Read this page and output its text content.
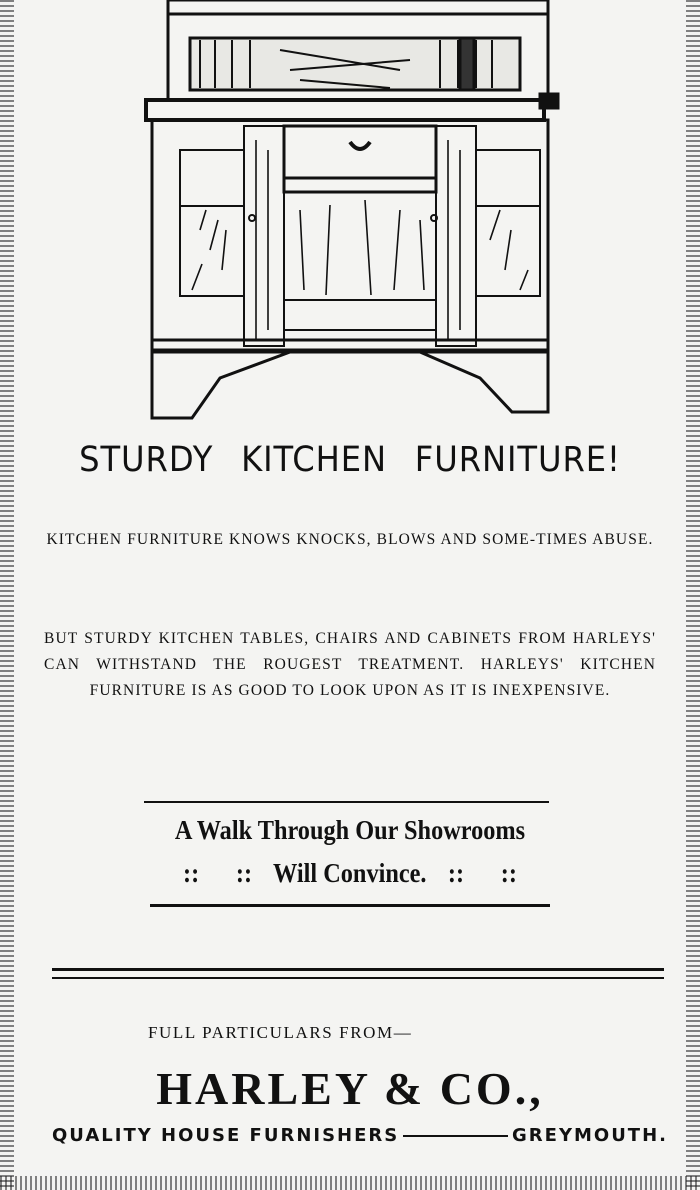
STURDY KITCHEN FURNITURE!
KITCHEN FURNITURE KNOWS KNOCKS, BLOWS AND SOME-TIMES ABUSE.
BUT STURDY KITCHEN TABLES, CHAIRS AND CABINETS FROM HARLEYS' CAN WITHSTAND THE ROUGEST TREATMENT. HARLEYS' KITCHEN FURNITURE IS AS GOOD TO LOOK UPON AS IT IS INEXPENSIVE.
A Walk Through Our Showrooms
:: :: Will Convince. :: ::
FULL PARTICULARS FROM—
HARLEY & CO.,
QUALITY HOUSE FURNISHERS	GREYMOUTH.
